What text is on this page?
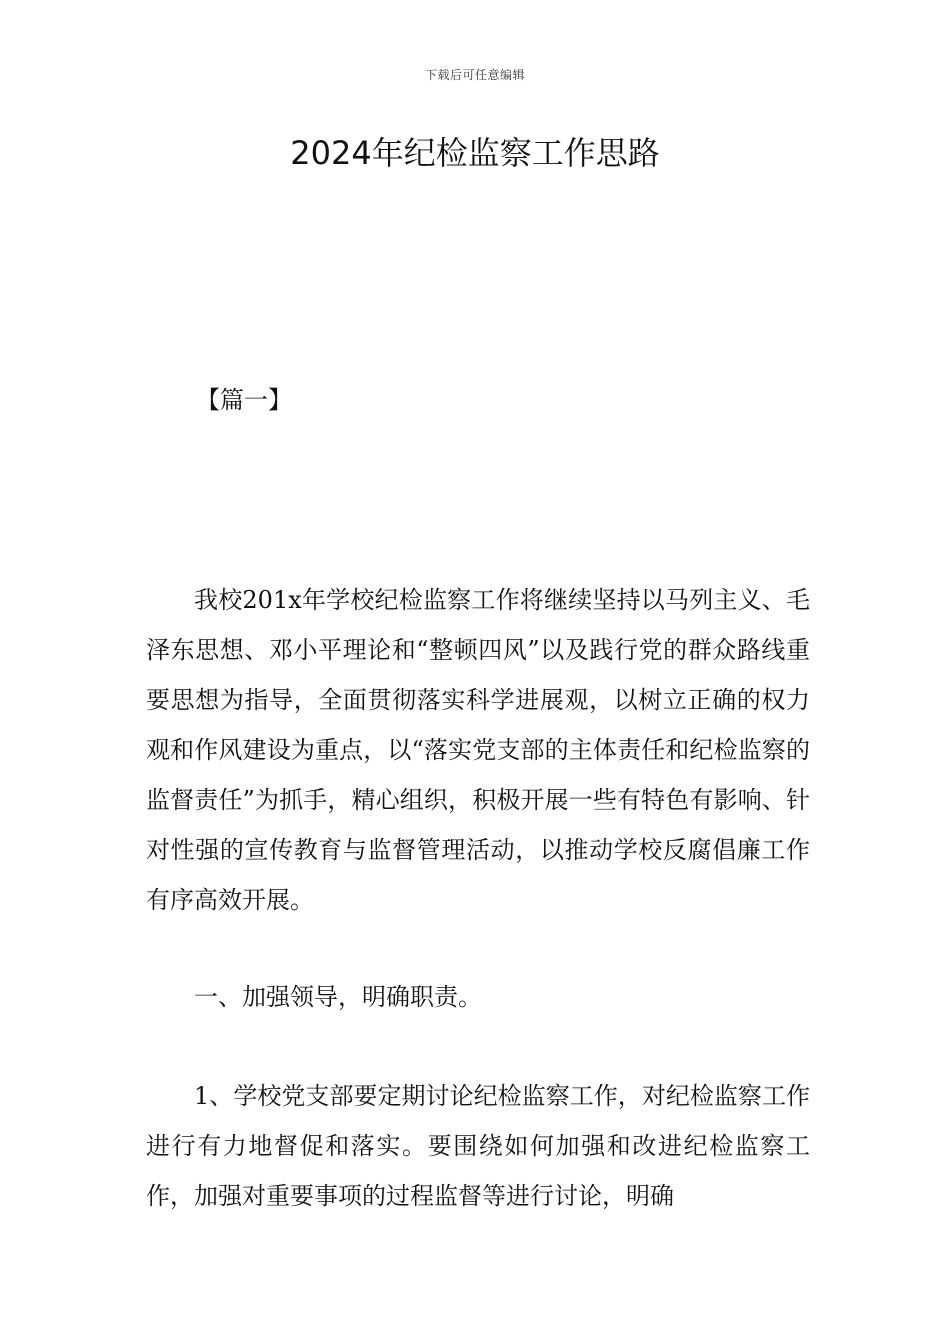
下载后可任意编辑
2024年纪检监察工作思路

【篇一】

我校201x年学校纪检监察工作将继续坚持以马列主义、毛泽东思想、邓小平理论和“整顿四风”以及践行党的群众路线重要思想为指导，全面贯彻落实科学进展观，以树立正确的权力观和作风建设为重点，以“落实党支部的主体责任和纪检监察的监督责任”为抓手，精心组织，积极开展一些有特色有影响、针对性强的宣传教育与监督管理活动，以推动学校反腐倡廉工作有序高效开展。

一、加强领导，明确职责。

1、学校党支部要定期讨论纪检监察工作，对纪检监察工作进行有力地督促和落实。要围绕如何加强和改进纪检监察工作，加强对重要事项的过程监督等进行讨论，明确
